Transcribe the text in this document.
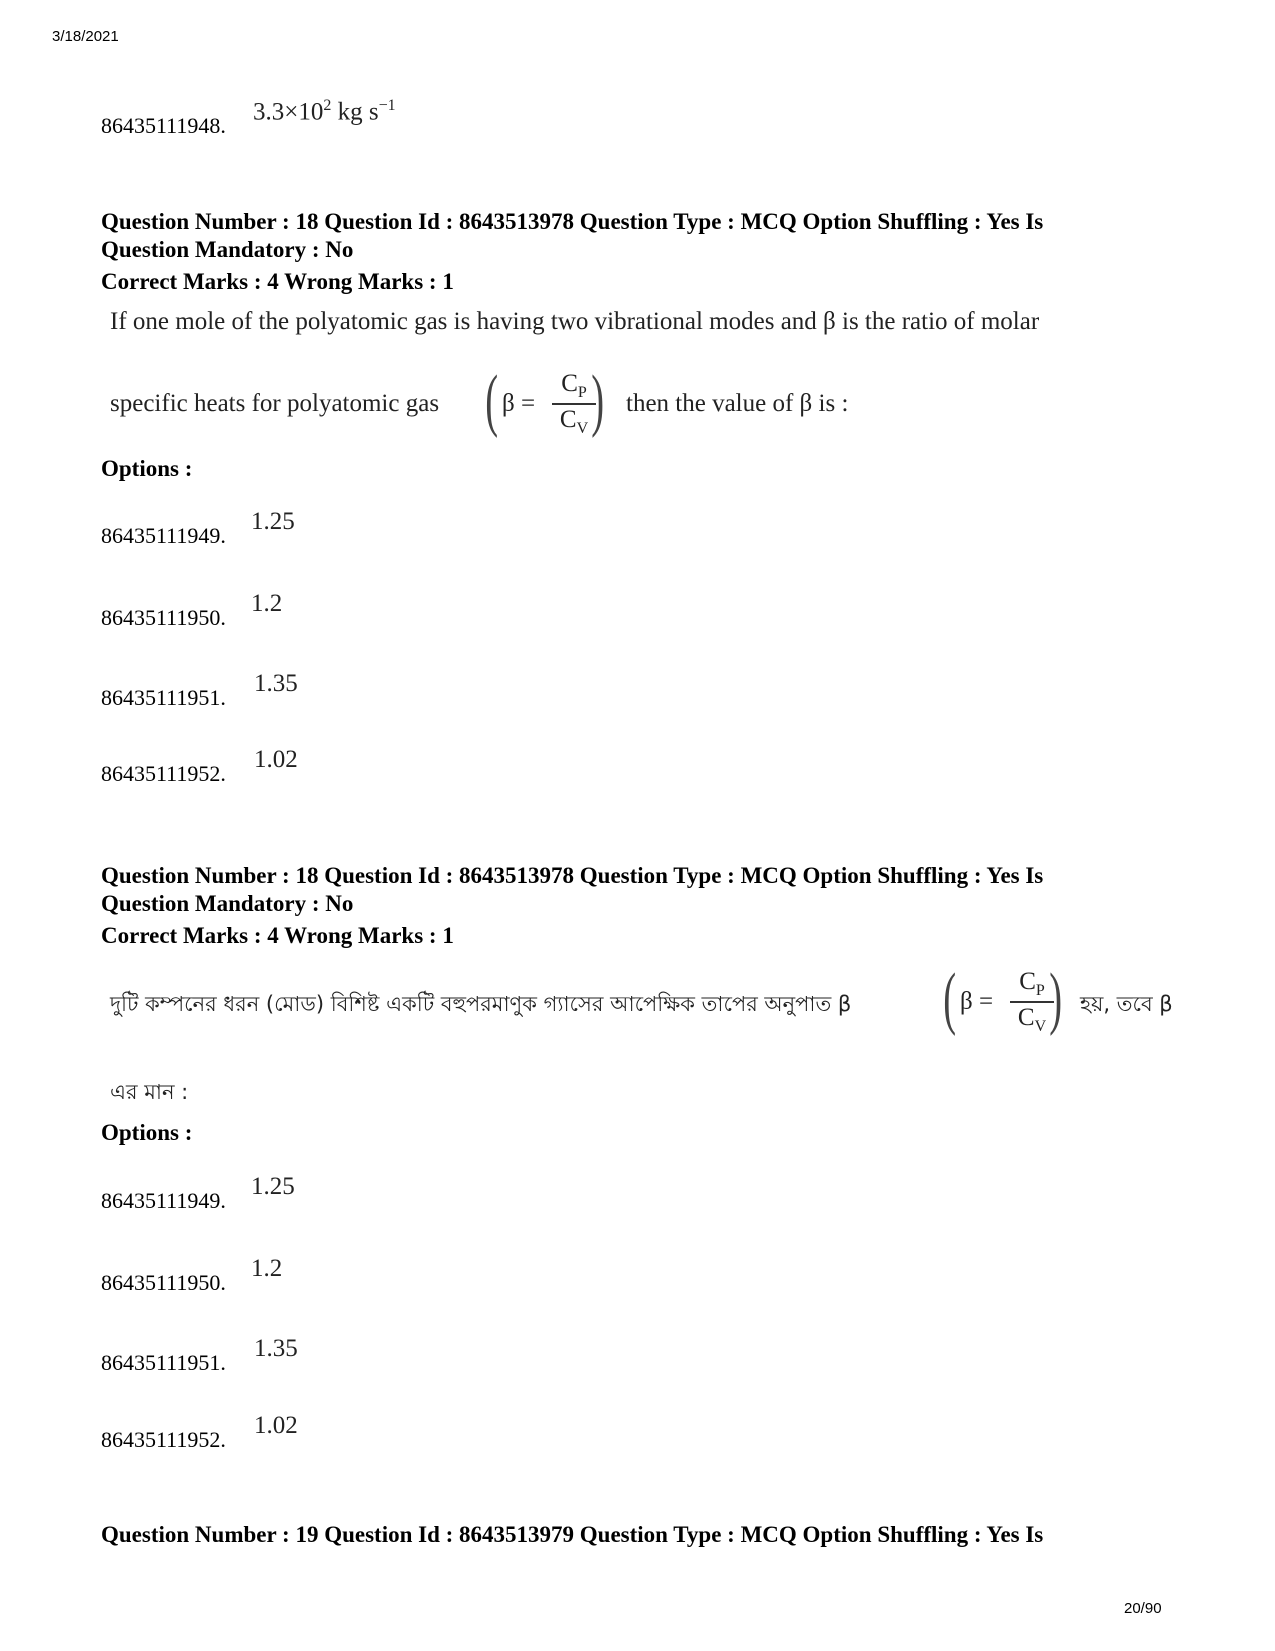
3/18/2021
86435111948.
$3.3\times 10^2$ kg $s^{-1}$
Question Number : 18 Question Id : 8643513978 Question Type : MCQ Option Shuffling : Yes Is
Question Mandatory : No
Correct Marks : 4 Wrong Marks : 1
If one mole of the polyatomic gas is having two vibrational modes and β is the ratio of molar
specific heats for polyatomic gas ( β =
$C_P$
$C_V$ ) then the value of β is :
Options :
86435111949.
1.25
86435111950.
1.2
86435111951.
1.35
86435111952.
1.02
Question Number : 18 Question Id : 8643513978 Question Type : MCQ Option Shuffling : Yes Is
Question Mandatory : No
Correct Marks : 4 Wrong Marks : 1
দুটি কম্পনের ধরন (মোড) বিশিষ্ট একটি বহুপরমাণুক গ্যাসের আপেক্ষিক তাপের অনুপাত β ( β =
$C_P$
$C_V$ ) হয়, তবে β
এর মান :
Options :
86435111949.
1.25
86435111950.
1.2
86435111951.
1.35
86435111952.
1.02
Question Number : 19 Question Id : 8643513979 Question Type : MCQ Option Shuffling : Yes Is
20/90
